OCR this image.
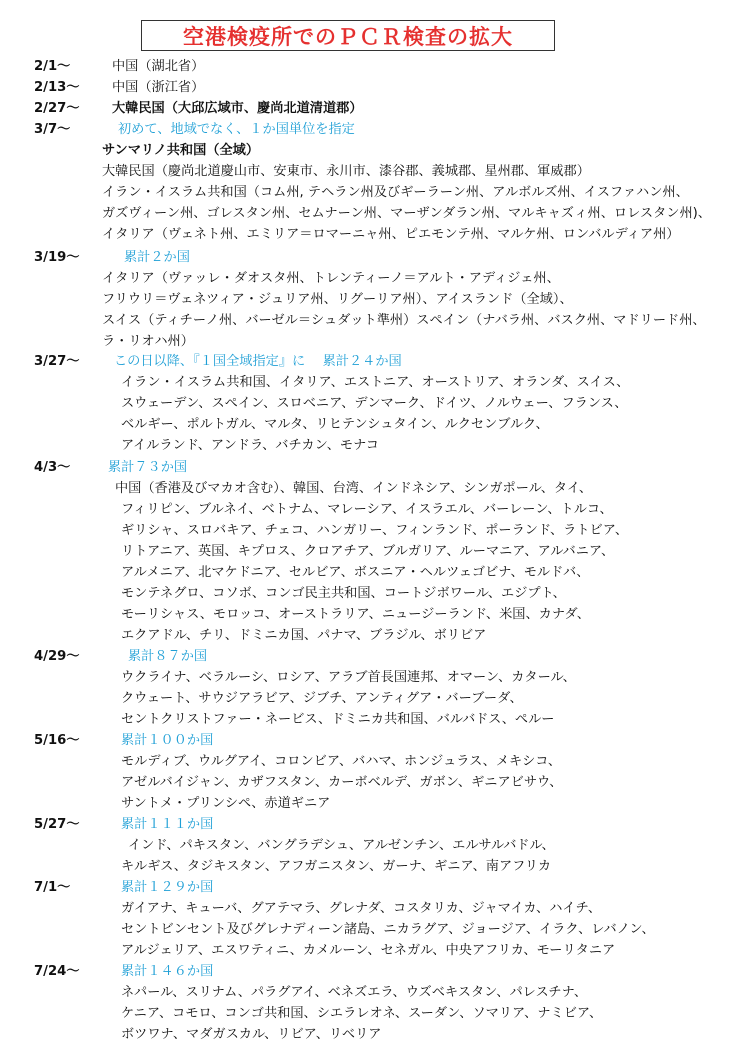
空港検疫所でのＰＣＲ検査の拡大
2/1～	中国（湖北省）
2/13～ 中国（浙江省）
2/27～ 大韓民国（大邱広域市、慶尚北道清道郡）
3/7～	初めて、地域でなく、１か国単位を指定
サンマリノ共和国（全域）
大韓民国（慶尚北道慶山市、安東市、永川市、漆谷郡、義城郡、星州郡、軍威郡）
イラン・イスラム共和国（コム州, テヘラン州及びギーラーン州、アルボルズ州、イスファハン州、
ガズヴィーン州、ゴレスタン州、セムナーン州、マーザンダラン州、マルキャズィ州、ロレスタン州)、
イタリア（ヴェネト州、エミリア＝ロマーニャ州、ピエモンテ州、マルケ州、ロンバルディア州）
3/19～	累計２か国
イタリア（ヴァッレ・ダオスタ州、トレンティーノ＝アルト・アディジェ州、
フリウリ＝ヴェネツィア・ジュリア州、リグーリア州）、アイスランド（全域）、
スイス（ティチーノ州、バーゼル＝シュダット準州）スペイン（ナバラ州、バスク州、マドリード州、
ラ・リオハ州）
3/27～	この日以降、『１国全域指定』に　 累計２４か国
イラン・イスラム共和国、イタリア、エストニア、オーストリア、オランダ、スイス、
スウェーデン、スペイン、スロベニア、デンマーク、ドイツ、ノルウェー、フランス、
ベルギー、ポルトガル、マルタ、リヒテンシュタイン、ルクセンブルク、
アイルランド、アンドラ、バチカン、モナコ
4/3～	累計７３か国
中国（香港及びマカオ含む）、韓国、台湾、インドネシア、シンガポール、タイ、
フィリピン、ブルネイ、ベトナム、マレーシア、イスラエル、バーレーン、トルコ、
ギリシャ、スロバキア、チェコ、ハンガリー、フィンランド、ポーランド、ラトビア、
リトアニア、英国、キプロス、クロアチア、ブルガリア、ルーマニア、アルバニア、
アルメニア、北マケドニア、セルビア、ボスニア・ヘルツェゴビナ、モルドバ、
モンテネグロ、コソボ、コンゴ民主共和国、コートジボワール、エジプト、
モーリシャス、モロッコ、オーストラリア、ニュージーランド、米国、カナダ、
エクアドル、チリ、ドミニカ国、パナマ、ブラジル、ボリビア
4/29～	累計８７か国
ウクライナ、ベラルーシ、ロシア、アラブ首長国連邦、オマーン、カタール、
クウェート、サウジアラビア、ジブチ、アンティグア・バーブーダ、
セントクリストファー・ネービス、ドミニカ共和国、バルバドス、ペルー
5/16～	累計１００か国
モルディブ、ウルグアイ、コロンビア、バハマ、ホンジュラス、メキシコ、
アゼルバイジャン、カザフスタン、カーボベルデ、ガボン、ギニアビサウ、
サントメ・プリンシペ、赤道ギニア
5/27～	累計１１１か国
インド、パキスタン、バングラデシュ、アルゼンチン、エルサルバドル、
キルギス、タジキスタン、アフガニスタン、ガーナ、ギニア、南アフリカ
7/1～	累計１２９か国
ガイアナ、キューバ、グアテマラ、グレナダ、コスタリカ、ジャマイカ、ハイチ、
セントビンセント及びグレナディーン諸島、ニカラグア、ジョージア、イラク、レバノン、
アルジェリア、エスワティニ、カメルーン、セネガル、中央アフリカ、モーリタニア
7/24～	累計１４６か国
ネパール、スリナム、パラグアイ、ベネズエラ、ウズベキスタン、パレスチナ、
ケニア、コモロ、コンゴ共和国、シエラレオネ、スーダン、ソマリア、ナミビア、
ボツワナ、マダガスカル、リビア、リベリア
